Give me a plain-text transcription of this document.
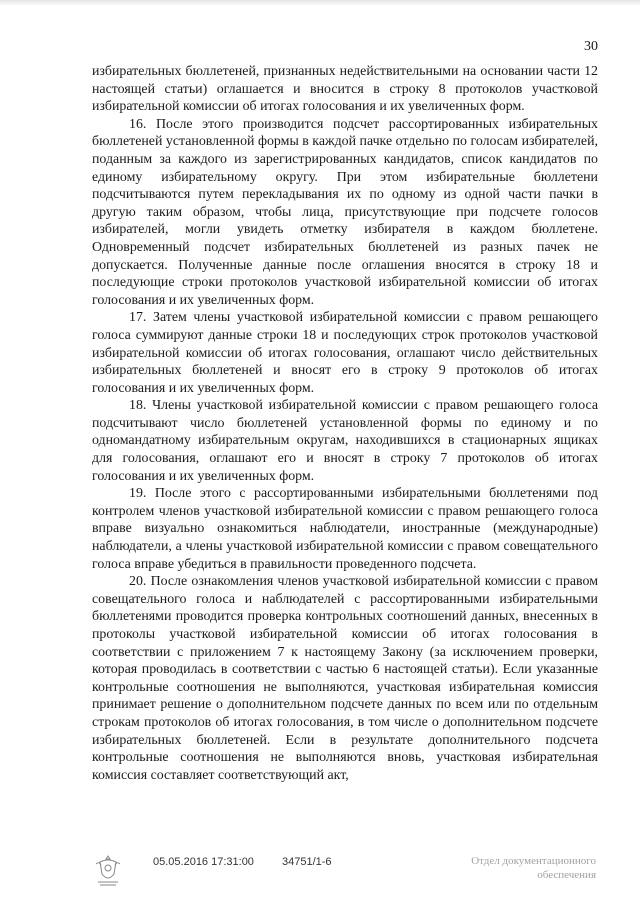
30

избирательных бюллетеней, признанных недействительными на основании части 12 настоящей статьи) оглашается и вносится в строку 8 протоколов участковой избирательной комиссии об итогах голосования и их увеличенных форм.

16. После этого производится подсчет рассортированных избирательных бюллетеней установленной формы в каждой пачке отдельно по голосам избирателей, поданным за каждого из зарегистрированных кандидатов, список кандидатов по единому избирательному округу. При этом избирательные бюллетени подсчитываются путем перекладывания их по одному из одной части пачки в другую таким образом, чтобы лица, присутствующие при подсчете голосов избирателей, могли увидеть отметку избирателя в каждом бюллетене. Одновременный подсчет избирательных бюллетеней из разных пачек не допускается. Полученные данные после оглашения вносятся в строку 18 и последующие строки протоколов участковой избирательной комиссии об итогах голосования и их увеличенных форм.

17. Затем члены участковой избирательной комиссии с правом решающего голоса суммируют данные строки 18 и последующих строк протоколов участковой избирательной комиссии об итогах голосования, оглашают число действительных избирательных бюллетеней и вносят его в строку 9 протоколов об итогах голосования и их увеличенных форм.

18. Члены участковой избирательной комиссии с правом решающего голоса подсчитывают число бюллетеней установленной формы по единому и по одномандатному избирательным округам, находившихся в стационарных ящиках для голосования, оглашают его и вносят в строку 7 протоколов об итогах голосования и их увеличенных форм.

19. После этого с рассортированными избирательными бюллетенями под контролем членов участковой избирательной комиссии с правом решающего голоса вправе визуально ознакомиться наблюдатели, иностранные (международные) наблюдатели, а члены участковой избирательной комиссии с правом совещательного голоса вправе убедиться в правильности проведенного подсчета.

20. После ознакомления членов участковой избирательной комиссии с правом совещательного голоса и наблюдателей с рассортированными избирательными бюллетенями проводится проверка контрольных соотношений данных, внесенных в протоколы участковой избирательной комиссии об итогах голосования в соответствии с приложением 7 к настоящему Закону (за исключением проверки, которая проводилась в соответствии с частью 6 настоящей статьи). Если указанные контрольные соотношения не выполняются, участковая избирательная комиссия принимает решение о дополнительном подсчете данных по всем или по отдельным строкам протоколов об итогах голосования, в том числе о дополнительном подсчете избирательных бюллетеней. Если в результате дополнительного подсчета контрольные соотношения не выполняются вновь, участковая избирательная комиссия составляет соответствующий акт,

05.05.2016 17:31:00	34751/1-6	Отдел документационного
обеспечения
